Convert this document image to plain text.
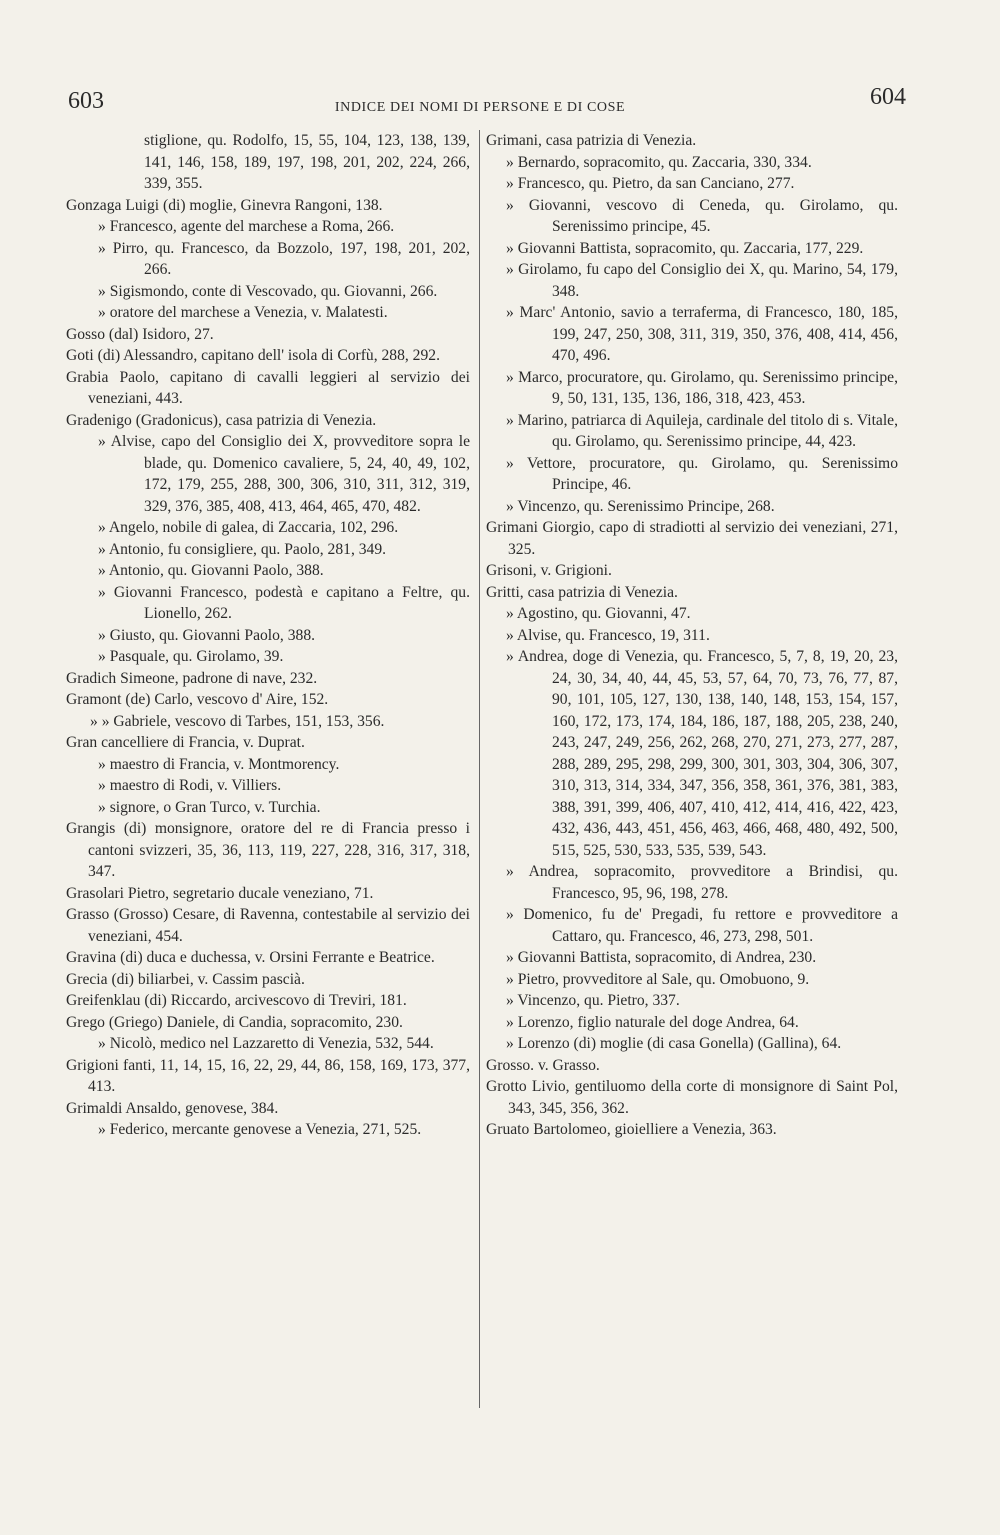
603	INDICE DEI NOMI DI PERSONE E DI COSE	604

stiglione, qu. Rodolfo, 15, 55, 104, 123, 138, 139, 141, 146, 158, 189, 197, 198, 201, 202, 224, 266, 339, 355.

Gonzaga Luigi (di) moglie, Ginevra Rangoni, 138.

» Francesco, agente del marchese a Roma, 266.

» Pirro, qu. Francesco, da Bozzolo, 197, 198, 201, 202, 266.

» Sigismondo, conte di Vescovado, qu. Giovanni, 266.

» oratore del marchese a Venezia, v. Malatesti.

Gosso (dal) Isidoro, 27.

Goti (di) Alessandro, capitano dell' isola di Corfù, 288, 292.

Grabia Paolo, capitano di cavalli leggieri al servizio dei veneziani, 443.

Gradenigo (Gradonicus), casa patrizia di Venezia.

» Alvise, capo del Consiglio dei X, provveditore sopra le blade, qu. Domenico cavaliere, 5, 24, 40, 49, 102, 172, 179, 255, 288, 300, 306, 310, 311, 312, 319, 329, 376, 385, 408, 413, 464, 465, 470, 482.

» Angelo, nobile di galea, di Zaccaria, 102, 296.

» Antonio, fu consigliere, qu. Paolo, 281, 349.

» Antonio, qu. Giovanni Paolo, 388.

» Giovanni Francesco, podestà e capitano a Feltre, qu. Lionello, 262.

» Giusto, qu. Giovanni Paolo, 388.

» Pasquale, qu. Girolamo, 39.

Gradich Simeone, padrone di nave, 232.

Gramont (de) Carlo, vescovo d' Aire, 152.

» » Gabriele, vescovo di Tarbes, 151, 153, 356.

Gran cancelliere di Francia, v. Duprat.

» maestro di Francia, v. Montmorency.

» maestro di Rodi, v. Villiers.

» signore, o Gran Turco, v. Turchia.

Grangis (di) monsignore, oratore del re di Francia presso i cantoni svizzeri, 35, 36, 113, 119, 227, 228, 316, 317, 318, 347.

Grasolari Pietro, segretario ducale veneziano, 71.

Grasso (Grosso) Cesare, di Ravenna, contestabile al servizio dei veneziani, 454.

Gravina (di) duca e duchessa, v. Orsini Ferrante e Beatrice.

Grecia (di) biliarbei, v. Cassim pascià.

Greifenklau (di) Riccardo, arcivescovo di Treviri, 181.

Grego (Griego) Daniele, di Candia, sopracomito, 230.

» Nicolò, medico nel Lazzaretto di Venezia, 532, 544.

Grigioni fanti, 11, 14, 15, 16, 22, 29, 44, 86, 158, 169, 173, 377, 413.

Grimaldi Ansaldo, genovese, 384.

» Federico, mercante genovese a Venezia, 271, 525.

Grimani, casa patrizia di Venezia.

» Bernardo, sopracomito, qu. Zaccaria, 330, 334.

» Francesco, qu. Pietro, da san Canciano, 277.

» Giovanni, vescovo di Ceneda, qu. Girolamo, qu. Serenissimo principe, 45.

» Giovanni Battista, sopracomito, qu. Zaccaria, 177, 229.

» Girolamo, fu capo del Consiglio dei X, qu. Marino, 54, 179, 348.

» Marc' Antonio, savio a terraferma, di Francesco, 180, 185, 199, 247, 250, 308, 311, 319, 350, 376, 408, 414, 456, 470, 496.

» Marco, procuratore, qu. Girolamo, qu. Serenissimo principe, 9, 50, 131, 135, 136, 186, 318, 423, 453.

» Marino, patriarca di Aquileja, cardinale del titolo di s. Vitale, qu. Girolamo, qu. Serenissimo principe, 44, 423.

» Vettore, procuratore, qu. Girolamo, qu. Serenissimo Principe, 46.

» Vincenzo, qu. Serenissimo Principe, 268.

Grimani Giorgio, capo di stradiotti al servizio dei veneziani, 271, 325.

Grisoni, v. Grigioni.

Gritti, casa patrizia di Venezia.

» Agostino, qu. Giovanni, 47.

» Alvise, qu. Francesco, 19, 311.

» Andrea, doge di Venezia, qu. Francesco, 5, 7, 8, 19, 20, 23, 24, 30, 34, 40, 44, 45, 53, 57, 64, 70, 73, 76, 77, 87, 90, 101, 105, 127, 130, 138, 140, 148, 153, 154, 157, 160, 172, 173, 174, 184, 186, 187, 188, 205, 238, 240, 243, 247, 249, 256, 262, 268, 270, 271, 273, 277, 287, 288, 289, 295, 298, 299, 300, 301, 303, 304, 306, 307, 310, 313, 314, 334, 347, 356, 358, 361, 376, 381, 383, 388, 391, 399, 406, 407, 410, 412, 414, 416, 422, 423, 432, 436, 443, 451, 456, 463, 466, 468, 480, 492, 500, 515, 525, 530, 533, 535, 539, 543.

» Andrea, sopracomito, provveditore a Brindisi, qu. Francesco, 95, 96, 198, 278.

» Domenico, fu de' Pregadi, fu rettore e provveditore a Cattaro, qu. Francesco, 46, 273, 298, 501.

» Giovanni Battista, sopracomito, di Andrea, 230.

» Pietro, provveditore al Sale, qu. Omobuono, 9.

» Vincenzo, qu. Pietro, 337.

» Lorenzo, figlio naturale del doge Andrea, 64.

» Lorenzo (di) moglie (di casa Gonella) (Gallina), 64.

Grosso. v. Grasso.

Grotto Livio, gentiluomo della corte di monsignore di Saint Pol, 343, 345, 356, 362.

Gruato Bartolomeo, gioielliere a Venezia, 363.
